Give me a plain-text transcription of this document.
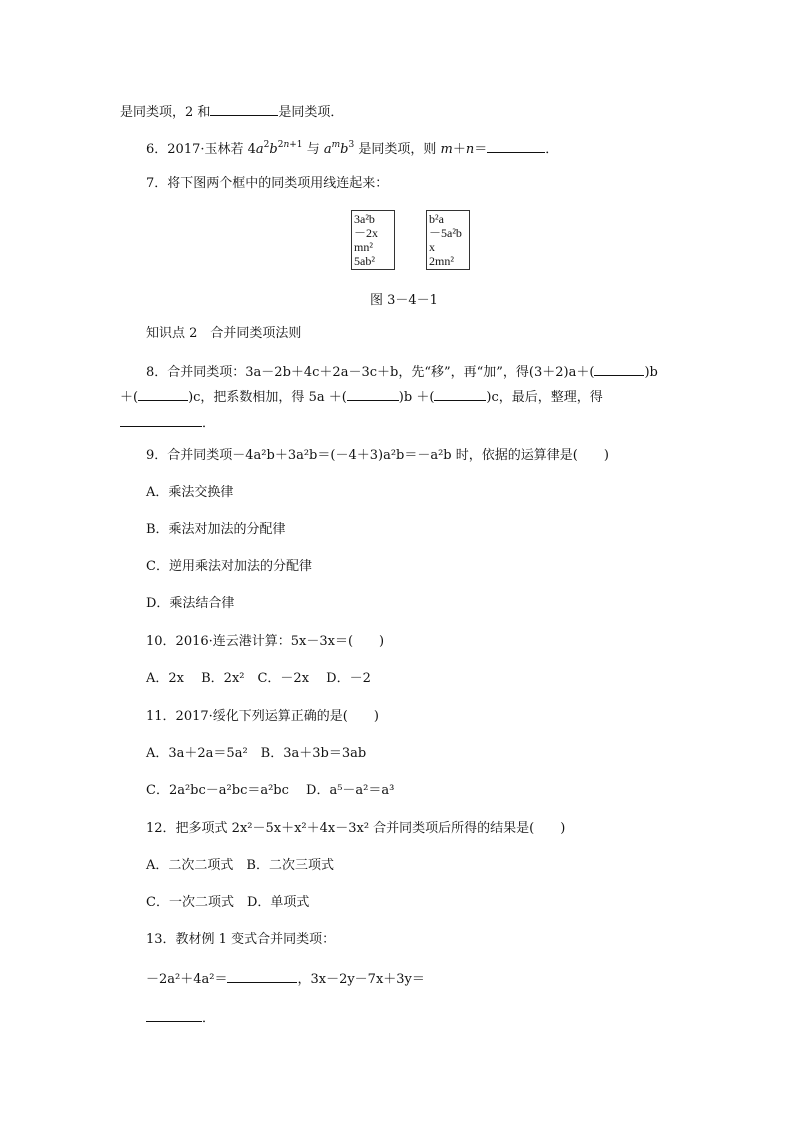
是同类项，2 和	是同类项．
6．2017·玉林若 $4a^2b^{2n+1}$ 与 $a^mb^3$ 是同类项，则 m＋n＝	．
7．将下图两个框中的同类项用线连起来：
3a²b
－2x
mn²
5ab²
b²a
－5a²b
x
2mn²
图 3－4－1
知识点 2　合并同类项法则
8．合并同类项：3a－2b＋4c＋2a－3c＋b，先“移”，再“加”，得(3＋2)a＋(	)b
＋(	)c，把系数相加，得 5a ＋(	)b ＋(	)c，最后，整理，得
．
9．合并同类项－4a²b＋3a²b＝(－4＋3)a²b＝－a²b 时，依据的运算律是(　　)
A．乘法交换律
B．乘法对加法的分配律
C．逆用乘法对加法的分配律
D．乘法结合律
10．2016·连云港计算：5x－3x＝(　　)
A．2x　 B．2x²　C．－2x　 D．－2
11．2017·绥化下列运算正确的是(　　)
A．3a＋2a＝5a²　B．3a＋3b＝3ab
C．2a²bc－a²bc＝a²bc　 D．a⁵－a²＝a³
12．把多项式 2x²－5x＋x²＋4x－3x² 合并同类项后所得的结果是(　　)
A．二次二项式　B．二次三项式
C．一次二项式　D．单项式
13．教材例 1 变式合并同类项：
－2a²＋4a²＝	，3x－2y－7x＋3y＝
．
